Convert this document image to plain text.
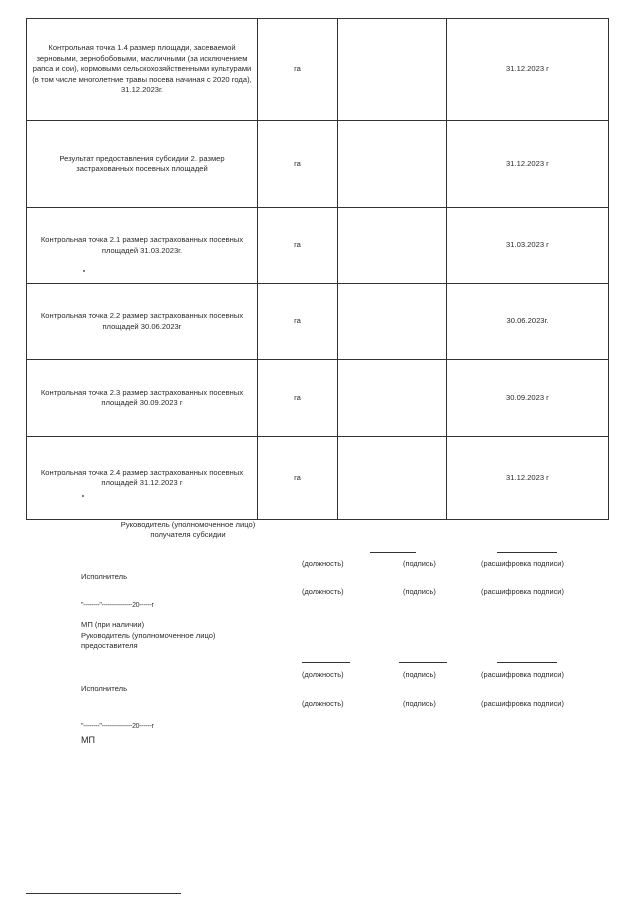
Контрольная точка 1.4 размер площади, засеваемой зерновыми, зернобобовыми, масличными (за исключением рапса и сои), кормовыми сельскохозяйственными культурами (в том числе многолетние травы посева начиная с 2020 года), 31.12.2023г.	га		31.12.2023 г
Результат предоставления субсидии 2. размер застрахованных посевных площадей	га		31.12.2023 г
Контрольная точка 2.1 размер застрахованных посевных площадей 31.03.2023г.	га		31.03.2023 г
Контрольная точка 2.2 размер застрахованных посевных площадей 30.06.2023г	га		30.06.2023г.
Контрольная точка 2.3 размер застрахованных посевных площадей 30.09.2023 г	га		30.09.2023 г
Контрольная точка 2.4 размер застрахованных посевных площадей 31.12.2023 г	га		31.12.2023 г
Руководитель (уполномоченное лицо)
получателя субсидии
(должность)	(подпись)	(расшифровка подписи)
Исполнитель
(должность)	(подпись)	(расшифровка подписи)
"--------"---------------20------г
МП (при наличии)
Руководитель (уполномоченное лицо)
предоставителя
(должность)	(подпись)	(расшифровка подписи)
Исполнитель
(должность)	(подпись)	(расшифровка подписи)
"--------"---------------20------г
МП
